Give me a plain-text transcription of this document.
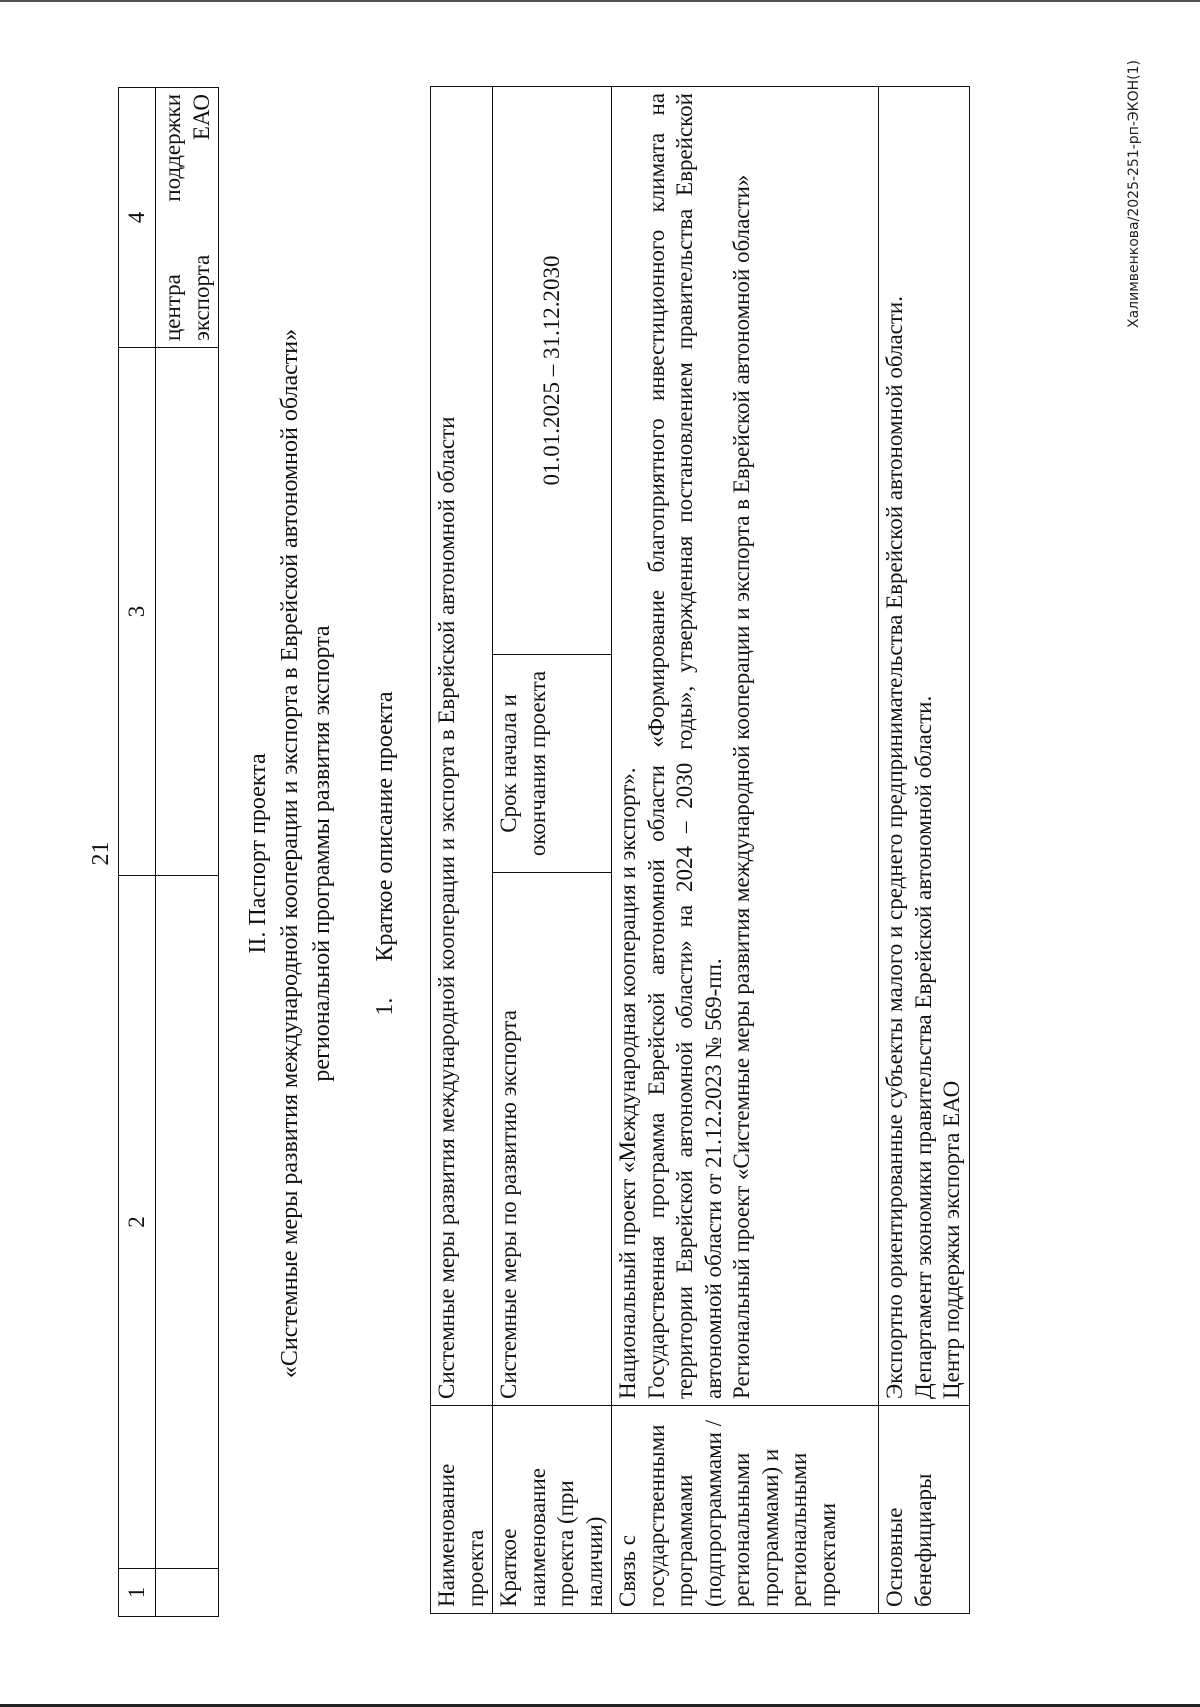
21
1	2	3	4
			центра поддержки экспорта ЕАО
II. Паспорт проекта «Системные меры развития международной кооперации и экспорта в Еврейской автономной области» региональной программы развития экспорта 1.      Краткое описание проекта
Наименование проекта	Системные меры развития международной кооперации и экспорта в Еврейской автономной области		
Краткое наименование проекта (при наличии)	Системные меры по развитию экспорта	Срок начала и окончания проекта	01.01.2025 – 31.12.2030
Связь с государственными программами (подпрограммами / региональными программами) и региональными проектами	Национальный проект «Международная кооперация и экспорт». Государственная программа Еврейской автономной области «Формирование благоприятного инвестиционного климата на территории Еврейской автономной области» на 2024 – 2030 годы», утвержденная постановлением правительства Еврейской автономной области от 21.12.2023 № 569-пп. Региональный проект «Системные меры развития международной кооперации и экспорта в Еврейской автономной области»		

Основные бенефициары	Экспортно ориентированные субъекты малого и среднего предпринимательства Еврейской автономной области. Департамент экономики правительства Еврейской автономной области. Центр поддержки экспорта ЕАО		

Халимвенкова/2025-251-рп-ЭКОН(1)
